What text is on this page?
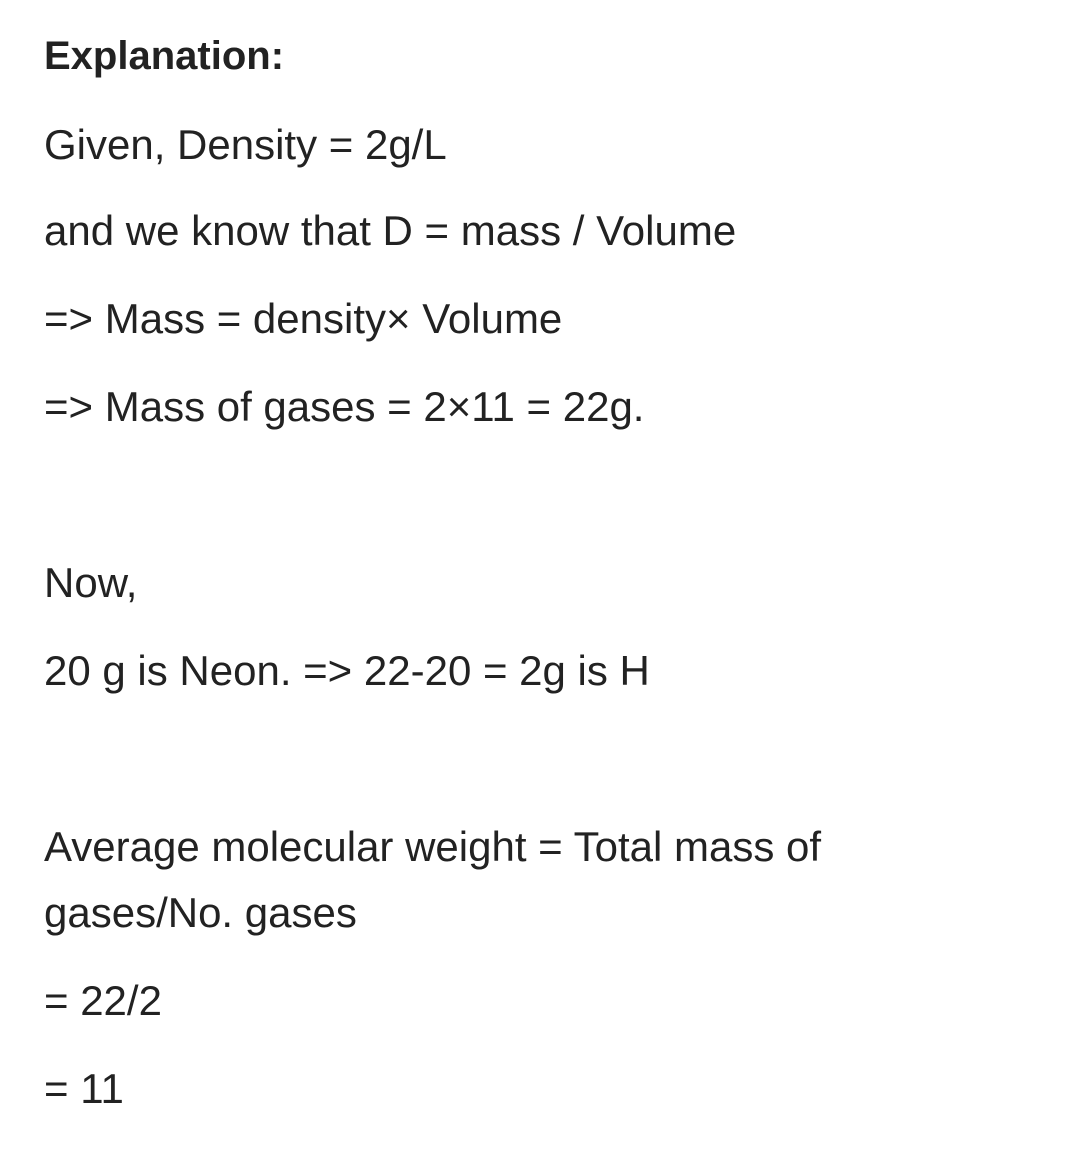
Explanation:

Given, Density = 2g/L

and we know that D = mass / Volume

=> Mass = density× Volume

=> Mass of gases = 2×11 = 22g.

Now,

20 g is Neon. => 22-20 = 2g is H

Average molecular weight = Total mass of

gases/No. gases

= 22/2

= 11
